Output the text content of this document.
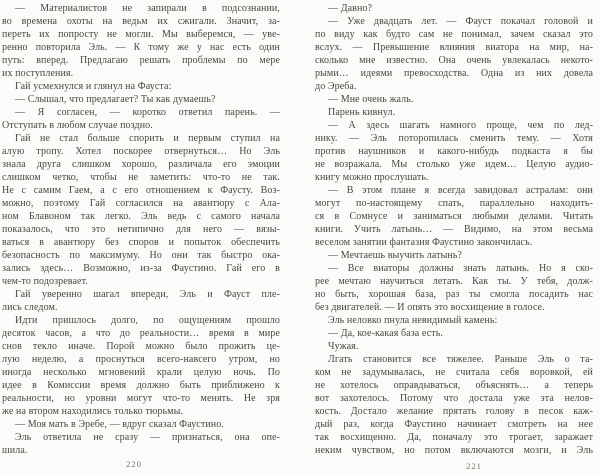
— Материалистов не запирали в подсознании,
во времена охоты на ведьм их сжигали. Значит, за-
переть их попросту не могли. Мы выберемся, — уве-
ренно повторила Эль. — К тому же у нас есть один
путь: вперед. Предлагаю решать проблемы по мере
их поступления.
Гай усмехнулся и глянул на Фауста:
— Слышал, что предлагает? Ты как думаешь?
— Я согласен, — коротко ответил парень. —
Отступать в любом случае поздно.
Гай не стал больше спорить и первым ступил на
алую тропу. Хотел поскорее отвернуться… Но Эль
знала друга слишком хорошо, различала его эмоции
слишком четко, чтобы не заметить: что-то не так.
Не с самим Гаем, а с его отношением к Фаусту. Воз-
можно, поэтому Гай согласился на авантюру с Ала-
ном Блавоном так легко. Эль ведь с самого начала
показалось, что это нетипично для него — вязы-
ваться в авантюру без споров и попыток обеспечить
безопасность по максимуму. Но они так быстро ока-
зались здесь… Возможно, из-за Фаустино. Гай его в
чем-то подозревает.
Гай уверенно шагал впереди, Эль и Фауст пле-
лись следом.
Идти пришлось долго, по ощущениям прошло
десяток часов, а что до реальности… время в мире
снов текло иначе. Порой можно было прожить це-
лую неделю, а проснуться всего-навсего утром, но
иногда несколько мгновений крали целую ночь. По
идее в Комиссии время должно быть приближено к
реальности, но уровни могут что-то менять. Не зря
же на втором находились только тюрьмы.
— Моя мать в Эребе, — вдруг сказал Фаустино.
Эль ответила не сразу — признаться, она опе-
шила.
— Давно?
— Уже двадцать лет. — Фауст покачал головой и
по виду как будто сам не понимал, зачем сказал это
вслух. — Превышение влияния виатора на мир, на-
сколько мне известно. Она очень увлекалась некото-
рыми… идеями превосходства. Одна из них довела
до Эреба.
— Мне очень жаль.
Парень кивнул.
— А здесь шагать намного проще, чем по лед-
нику. — Эль поторопилась сменить тему. — Хотя
против наушников и какого-нибудь подкаста я бы
не возражала. Мы столько уже идем… Целую аудио-
книгу можно прослушать.
— В этом плане я всегда завидовал астралам: они
могут по-настоящему спать, параллельно находить-
ся в Сомнусе и заниматься любыми делами. Читать
книги. Учить латынь… — Видимо, на этом весьма
веселом занятии фантазия Фаустино закончилась.
— Мечтаешь выучить латынь?
— Все виаторы должны знать латынь. Но я ско-
рее мечтаю научиться летать. Как ты. У тебя, долж-
но быть, хорошая база, раз ты смогла посадить нас
без двигателей. — И опять это восхищение в голосе.
Эль неловко пнула невидимый камень:
— Да, кое-какая база есть.
Чужая.
Лгать становится все тяжелее. Раньше Эль о та-
ком не задумывалась, не считала себя воровкой, ей
не хотелось оправдываться, объяснять… а теперь
вот захотелось. Потому что достала уже эта нелов-
кость. Достало желание прятать голову в песок каж-
дый раз, когда Фаустино начинает смотреть на нее
так восхищенно. Да, поначалу это трогает, заражает
неким чувством, но потом включаются мозги, и Эль
220	221
